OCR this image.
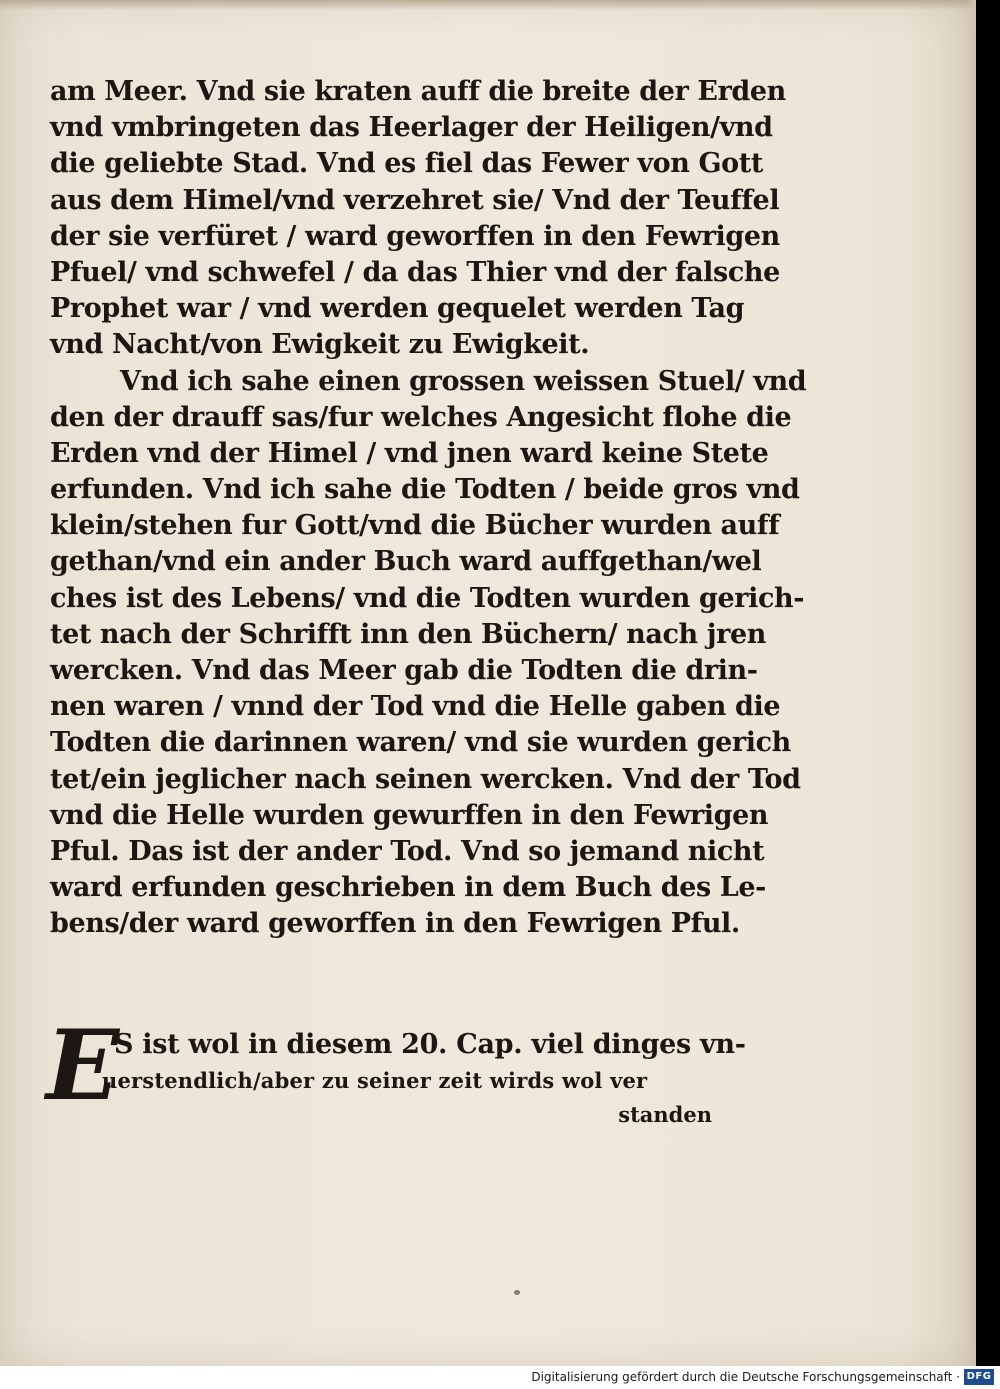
am Meer. Vnd sie kraten auff die breite der Erden
vnd vmbringeten das Heerlager der Heiligen/vnd
die geliebte Stad. Vnd es fiel das Fewer von Gott
aus dem Himel/vnd verzehret sie/ Vnd der Teuffel
der sie verfüret / ward geworffen in den Fewrigen
Pfuel/ vnd schwefel / da das Thier vnd der falsche
Prophet war / vnd werden gequelet werden Tag
vnd Nacht/von Ewigkeit zu Ewigkeit.
Vnd ich sahe einen grossen weissen Stuel/ vnd
den der drauff sas/fur welches Angesicht flohe die
Erden vnd der Himel / vnd jnen ward keine Stete
erfunden. Vnd ich sahe die Todten / beide gros vnd
klein/stehen fur Gott/vnd die Bücher wurden auff
gethan/vnd ein ander Buch ward auffgethan/wel
ches ist des Lebens/ vnd die Todten wurden gerich-
tet nach der Schrifft inn den Büchern/ nach jren
wercken. Vnd das Meer gab die Todten die drin-
nen waren / vnnd der Tod vnd die Helle gaben die
Todten die darinnen waren/ vnd sie wurden gerich
tet/ein jeglicher nach seinen wercken. Vnd der Tod
vnd die Helle wurden gewurffen in den Fewrigen
Pful. Das ist der ander Tod. Vnd so jemand nicht
ward erfunden geschrieben in dem Buch des Le-
bens/der ward geworffen in den Fewrigen Pful.
E
S ist wol in diesem 20. Cap. viel dinges vn-
uerstendlich/aber zu seiner zeit wirds wol ver
standen
Digitalisierung gefördert durch die Deutsche Forschungsgemeinschaft · DFG
